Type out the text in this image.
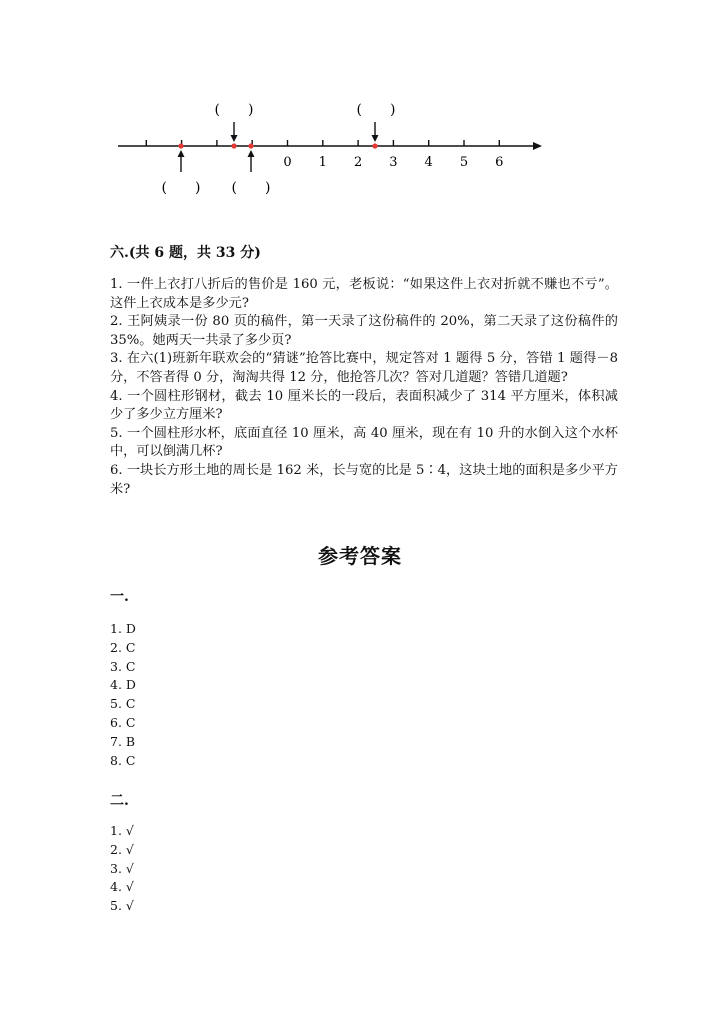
0 1 2 3 4 5 6
(　　)	(　　)
(　　) (　　)
六.(共 6 题，共 33 分)

1. 一件上衣打八折后的售价是 160 元，老板说：“如果这件上衣对折就不赚也不亏”。这件上衣成本是多少元?

2. 王阿姨录一份 80 页的稿件，第一天录了这份稿件的 20%，第二天录了这份稿件的 35%。她两天一共录了多少页?

3. 在六(1)班新年联欢会的“猜谜”抢答比赛中，规定答对 1 题得 5 分，答错 1 题得－8 分，不答者得 0 分，淘淘共得 12 分，他抢答几次？答对几道题？答错几道题?

4. 一个圆柱形钢材，截去 10 厘米长的一段后，表面积减少了 314 平方厘米，体积减少了多少立方厘米?

5. 一个圆柱形水杯，底面直径 10 厘米，高 40 厘米，现在有 10 升的水倒入这个水杯中，可以倒满几杯?

6. 一块长方形土地的周长是 162 米，长与宽的比是 5∶4，这块土地的面积是多少平方米?

参考答案
一.
1. D
2. C
3. C
4. D
5. C
6. C
7. B
8. C
二.
1. √
2. √
3. √
4. √
5. √
